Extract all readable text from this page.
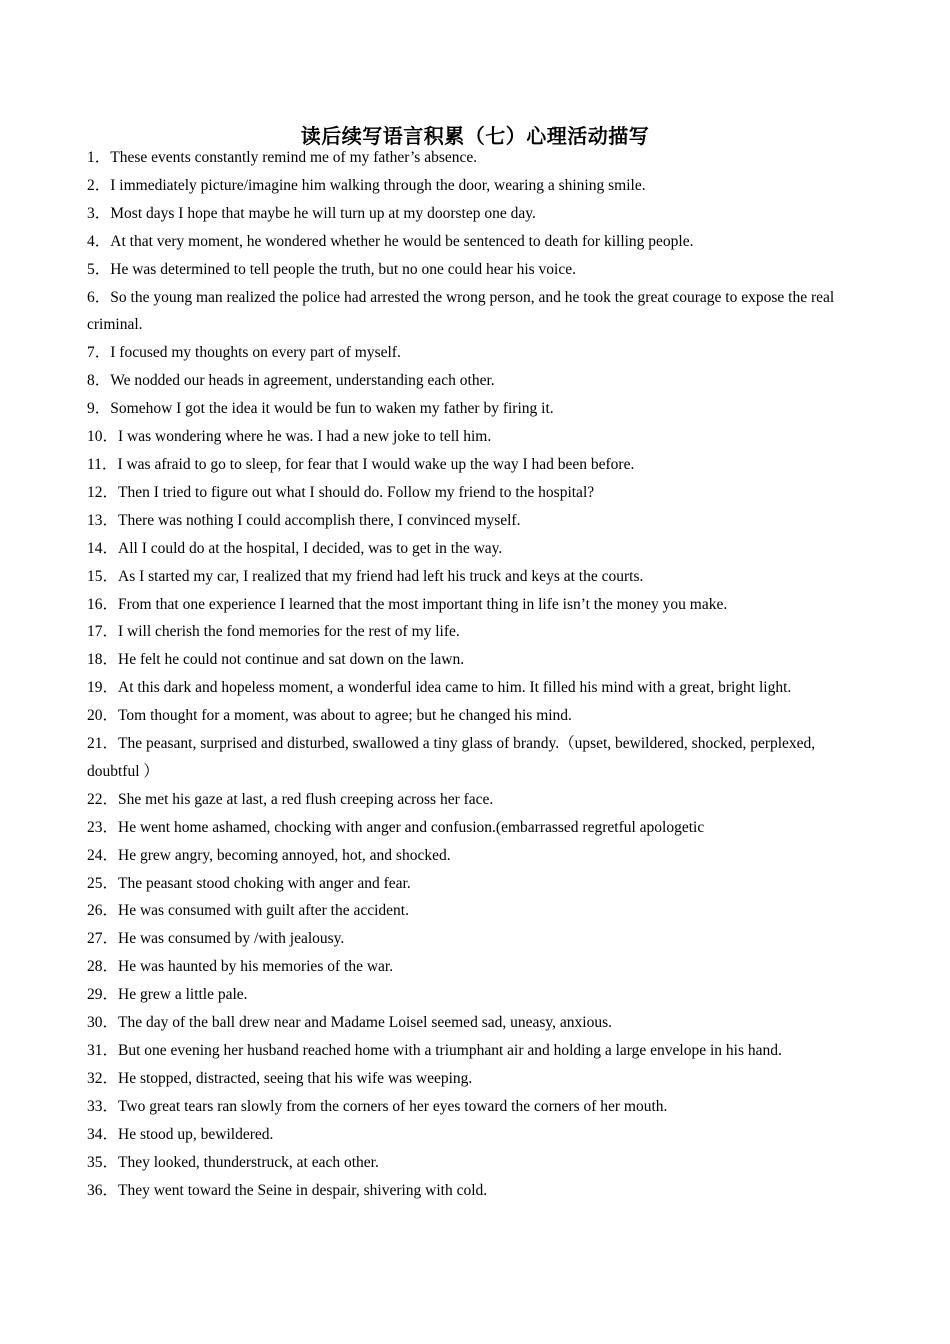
读后续写语言积累（七）心理活动描写
1．These events constantly remind me of my father’s absence.
2．I immediately picture/imagine him walking through the door, wearing a shining smile.
3．Most days I hope that maybe he will turn up at my doorstep one day.
4．At that very moment, he wondered whether he would be sentenced to death for killing people.
5．He was determined to tell people the truth, but no one could hear his voice.
6．So the young man realized the police had arrested the wrong person, and he took the great courage to expose the real criminal.
7．I focused my thoughts on every part of myself.
8．We nodded our heads in agreement, understanding each other.
9．Somehow I got the idea it would be fun to waken my father by firing it.
10．I was wondering where he was. I had a new joke to tell him.
11．I was afraid to go to sleep, for fear that I would wake up the way I had been before.
12．Then I tried to figure out what I should do. Follow my friend to the hospital?
13．There was nothing I could accomplish there, I convinced myself.
14．All I could do at the hospital, I decided, was to get in the way.
15．As I started my car, I realized that my friend had left his truck and keys at the courts.
16．From that one experience I learned that the most important thing in life isn’t the money you make.
17．I will cherish the fond memories for the rest of my life.
18．He felt he could not continue and sat down on the lawn.
19．At this dark and hopeless moment, a wonderful idea came to him. It filled his mind with a great, bright light.
20．Tom thought for a moment, was about to agree; but he changed his mind.
21．The peasant, surprised and disturbed, swallowed a tiny glass of brandy.（upset, bewildered, shocked, perplexed, doubtful ）
22．She met his gaze at last, a red flush creeping across her face.
23．He went home ashamed, chocking with anger and confusion.(embarrassed regretful apologetic
24．He grew angry, becoming annoyed, hot, and shocked.
25．The peasant stood choking with anger and fear.
26．He was consumed with guilt after the accident.
27．He was consumed by /with jealousy.
28．He was haunted by his memories of the war.
29．He grew a little pale.
30．The day of the ball drew near and Madame Loisel seemed sad, uneasy, anxious.
31．But one evening her husband reached home with a triumphant air and holding a large envelope in his hand.
32．He stopped, distracted, seeing that his wife was weeping.
33．Two great tears ran slowly from the corners of her eyes toward the corners of her mouth.
34．He stood up, bewildered.
35．They looked, thunderstruck, at each other.
36．They went toward the Seine in despair, shivering with cold.
